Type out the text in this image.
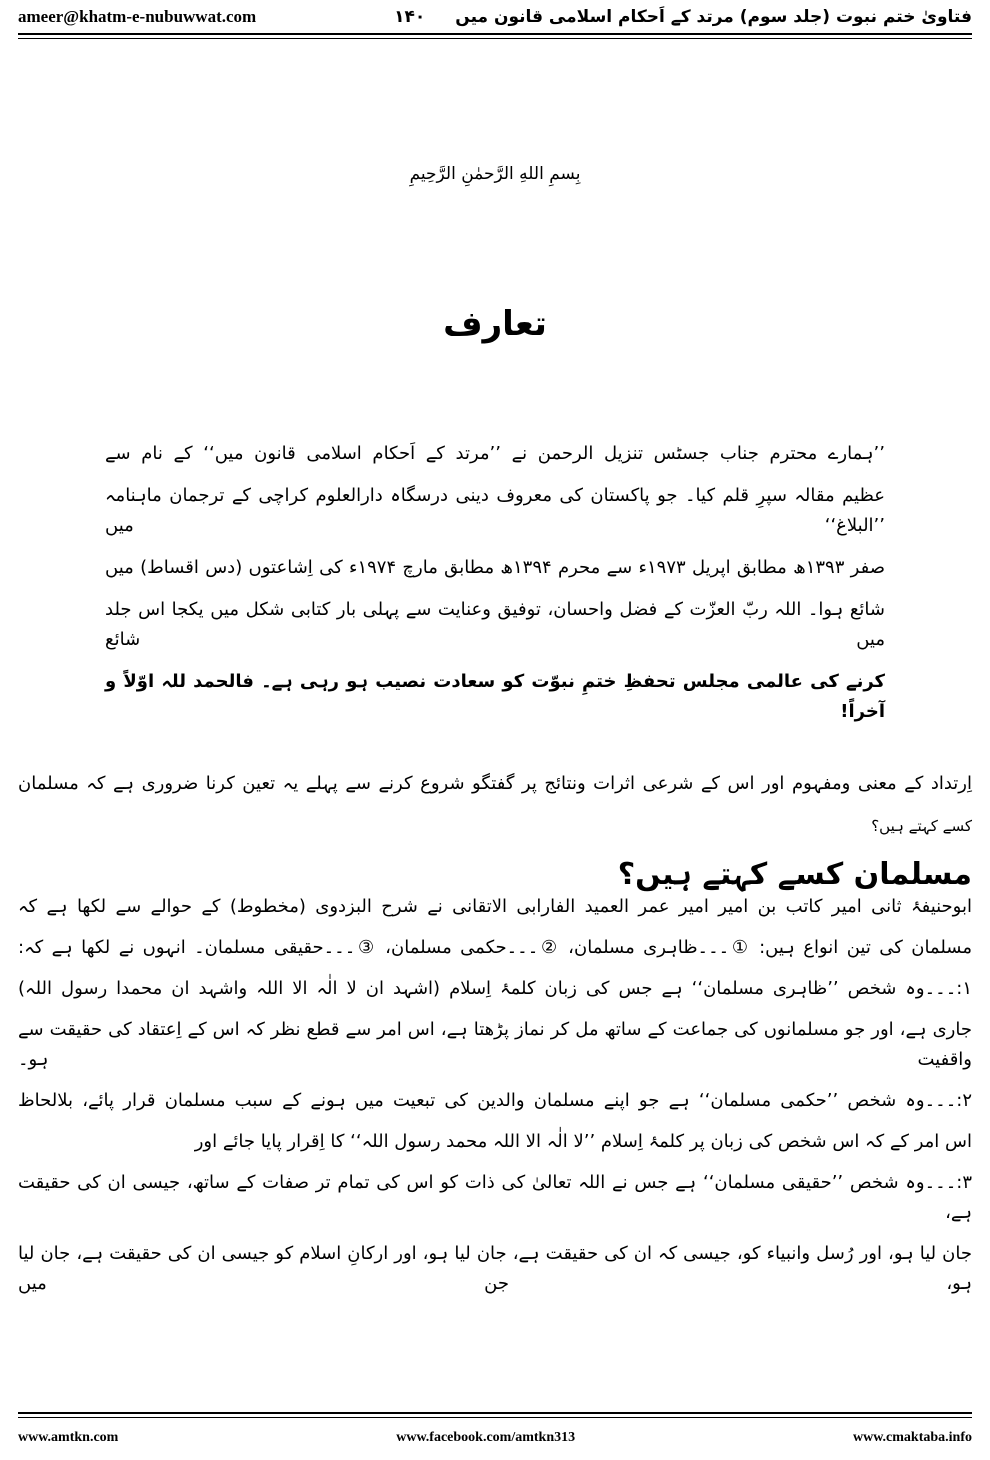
ameer@khatm-e-nubuwwat.com	فتاویٰ ختم نبوت (جلد سوم) مرتد کے اَحکام اسلامی قانون میں
۱۴۰
بِسمِ اللهِ الرَّحمٰنِ الرَّحِیمِ
تعارف
’’ہمارے محترم جناب جسٹس تنزیل الرحمن نے ’’مرتد کے اَحکام اسلامی قانون میں‘‘ کے نام سے
عظیم مقالہ سپرِ قلم کیا۔ جو پاکستان کی معروف دینی درسگاہ دارالعلوم کراچی کے ترجمان ماہنامہ ’’البلاغ‘‘ میں
صفر ۱۳۹۳ھ مطابق اپریل ۱۹۷۳ء سے محرم ۱۳۹۴ھ مطابق مارچ ۱۹۷۴ء کی اِشاعتوں (دس اقساط) میں
شائع ہوا۔ اللہ ربّ العزّت کے فضل واحسان، توفیق وعنایت سے پہلی بار کتابی شکل میں یکجا اس جلد میں شائع
کرنے کی عالمی مجلس تحفظِ ختمِ نبوّت کو سعادت نصیب ہو رہی ہے۔ فالحمد للہ اوّلاً و آخراً!
اِرتداد کے معنی ومفہوم اور اس کے شرعی اثرات ونتائج پر گفتگو شروع کرنے سے پہلے یہ تعین کرنا ضروری ہے کہ مسلمان
کسے کہتے ہیں؟
مسلمان کسے کہتے ہیں؟
ابوحنیفۂ ثانی امیر کاتب بن امیر امیر عمر العمید الفارابی الاتقانی نے شرح البزدوی (مخطوط) کے حوالے سے لکھا ہے کہ
مسلمان کی تین انواع ہیں: ①۔۔۔ظاہری مسلمان، ②۔۔۔حکمی مسلمان، ③۔۔۔حقیقی مسلمان۔ انہوں نے لکھا ہے کہ:
۱:۔۔۔وہ شخص ’’ظاہری مسلمان‘‘ ہے جس کی زبان کلمۂ اِسلام (اشہد ان لا الٰہ الا اللہ واشہد ان محمدا رسول اللہ)
جاری ہے، اور جو مسلمانوں کی جماعت کے ساتھ مل کر نماز پڑھتا ہے، اس امر سے قطع نظر کہ اس کے اِعتقاد کی حقیقت سے واقفیت ہو۔
۲:۔۔۔وہ شخص ’’حکمی مسلمان‘‘ ہے جو اپنے مسلمان والدین کی تبعیت میں ہونے کے سبب مسلمان قرار پائے، بلالحاظ
اس امر کے کہ اس شخص کی زبان پر کلمۂ اِسلام ’’لا الٰہ الا اللہ محمد رسول اللہ‘‘ کا اِقرار پایا جائے اور
۳:۔۔۔وہ شخص ’’حقیقی مسلمان‘‘ ہے جس نے اللہ تعالیٰ کی ذات کو اس کی تمام تر صفات کے ساتھ، جیسی ان کی حقیقت ہے،
جان لیا ہو، اور رُسل وانبیاء کو، جیسی کہ ان کی حقیقت ہے، جان لیا ہو، اور ارکانِ اسلام کو جیسی ان کی حقیقت ہے، جان لیا ہو، جن میں
www.amtkn.com	www.facebook.com/amtkn313	www.cmaktaba.info
